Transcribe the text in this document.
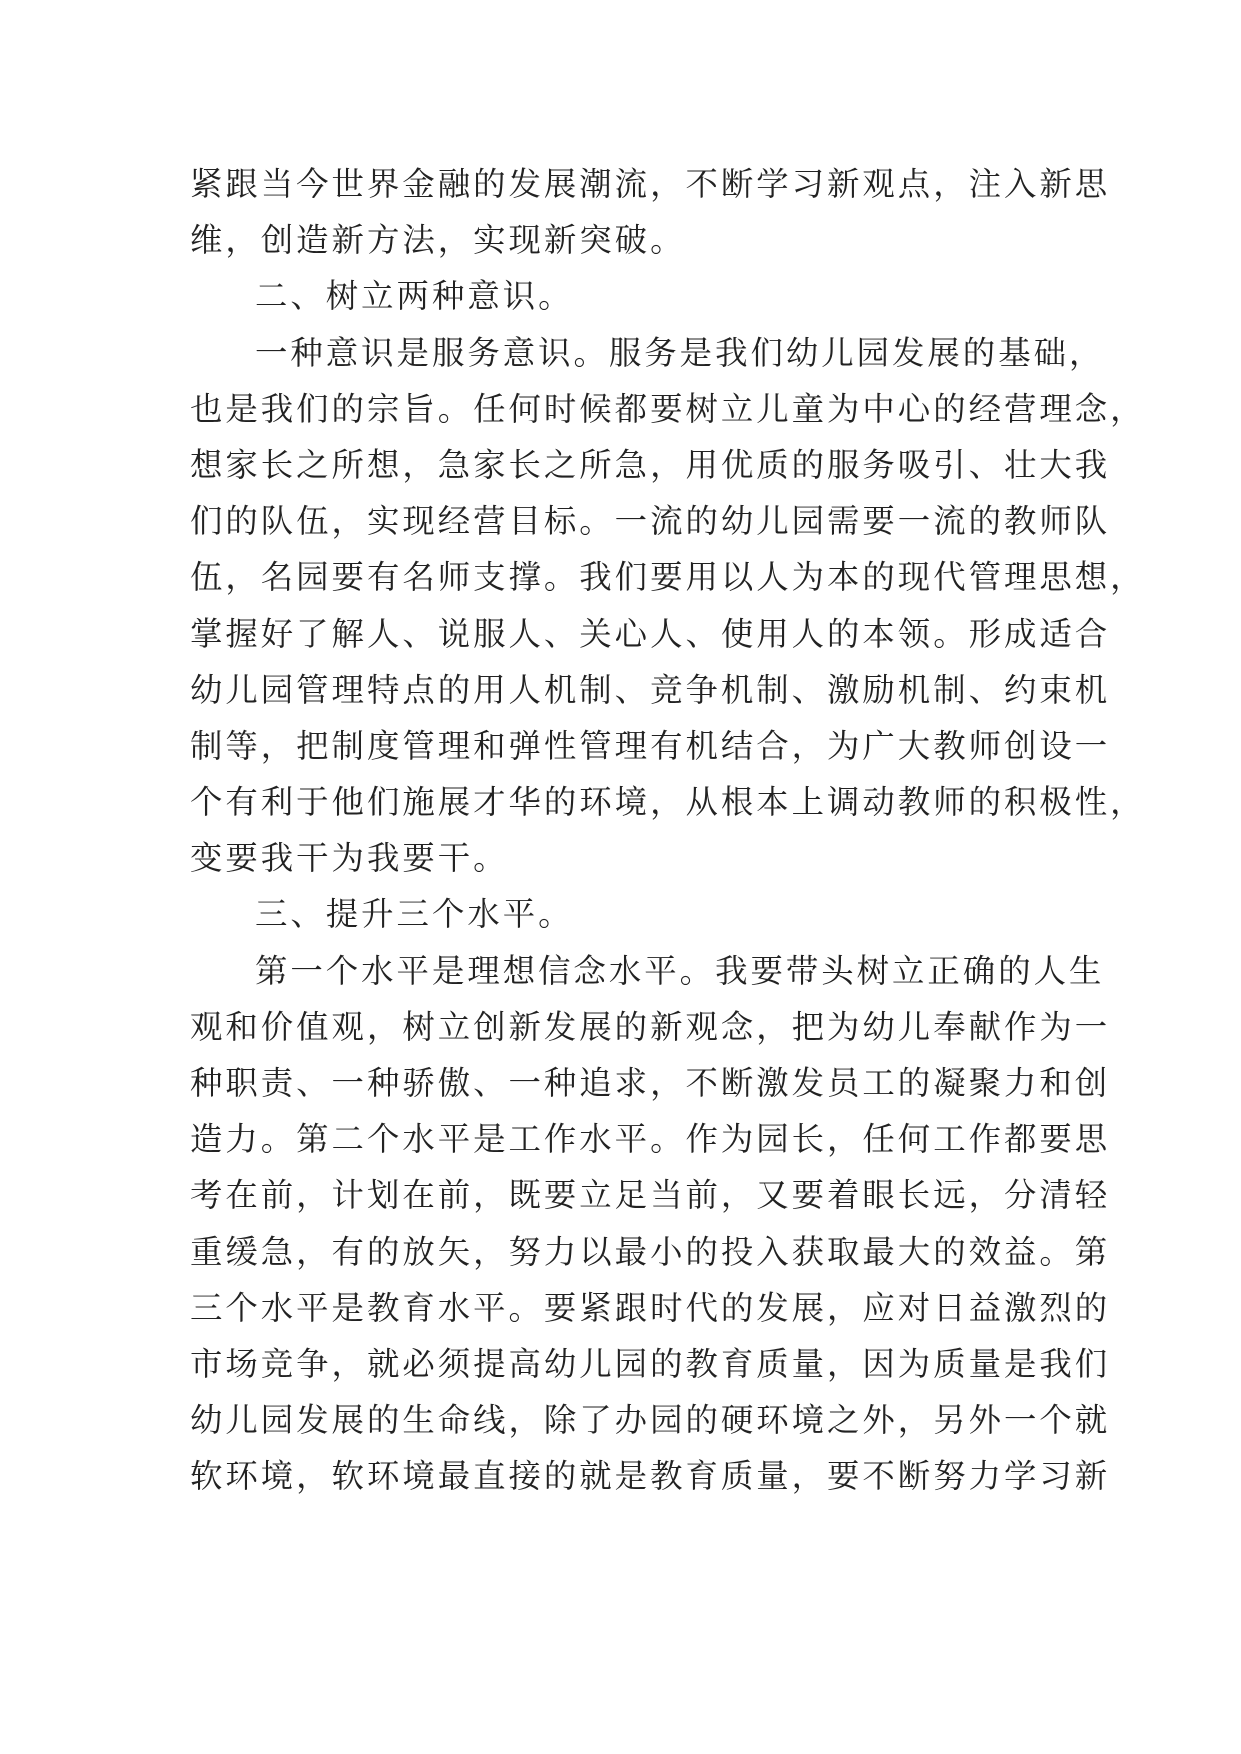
紧跟当今世界金融的发展潮流，不断学习新观点，注入新思
维，创造新方法，实现新突破。
二、树立两种意识。
一种意识是服务意识。服务是我们幼儿园发展的基础，
也是我们的宗旨。任何时候都要树立儿童为中心的经营理念，
想家长之所想，急家长之所急，用优质的服务吸引、壮大我
们的队伍，实现经营目标。一流的幼儿园需要一流的教师队
伍，名园要有名师支撑。我们要用以人为本的现代管理思想，
掌握好了解人、说服人、关心人、使用人的本领。形成适合
幼儿园管理特点的用人机制、竞争机制、激励机制、约束机
制等，把制度管理和弹性管理有机结合，为广大教师创设一
个有利于他们施展才华的环境，从根本上调动教师的积极性，
变要我干为我要干。
三、提升三个水平。
第一个水平是理想信念水平。我要带头树立正确的人生
观和价值观，树立创新发展的新观念，把为幼儿奉献作为一
种职责、一种骄傲、一种追求，不断激发员工的凝聚力和创
造力。第二个水平是工作水平。作为园长，任何工作都要思
考在前，计划在前，既要立足当前，又要着眼长远，分清轻
重缓急，有的放矢，努力以最小的投入获取最大的效益。第
三个水平是教育水平。要紧跟时代的发展，应对日益激烈的
市场竞争，就必须提高幼儿园的教育质量，因为质量是我们
幼儿园发展的生命线，除了办园的硬环境之外，另外一个就
软环境，软环境最直接的就是教育质量，要不断努力学习新
